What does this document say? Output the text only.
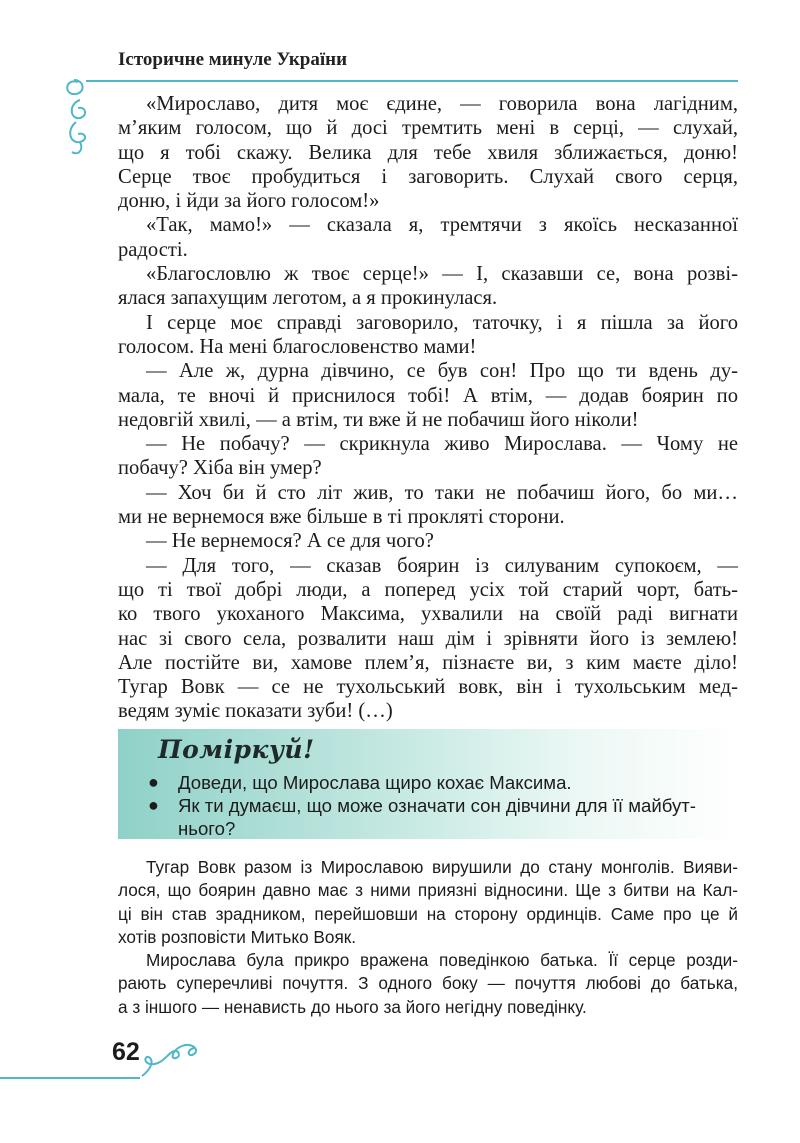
Історичне минуле України
«Мирославо, дитя моє єдине, — говорила вона лагідним,
м’яким голосом, що й досі тремтить мені в серці, — слухай,
що я тобі скажу. Велика для тебе хвиля зближається, доню!
Серце твоє пробудиться і заговорить. Слухай свого серця,
доню, і йди за його голосом!»
«Так, мамо!» — сказала я, тремтячи з якоїсь несказанної
радості.
«Благословлю ж твоє серце!» — І, сказавши се, вона розві-
ялася запахущим леготом, а я прокинулася.
І серце моє справді заговорило, таточку, і я пішла за його
голосом. На мені благословенство мами!
— Але ж, дурна дівчино, се був сон! Про що ти вдень ду-
мала, те вночі й приснилося тобі! А втім, — додав боярин по
недовгій хвилі, — а втім, ти вже й не побачиш його ніколи!
— Не побачу? — скрикнула живо Мирослава. — Чому не
побачу? Хіба він умер?
— Хоч би й сто літ жив, то таки не побачиш його, бо ми…
ми не вернемося вже більше в ті прокляті сторони.
— Не вернемося? А се для чого?
— Для того, — сказав боярин із силуваним супокоєм, —
що ті твої добрі люди, а поперед усіх той старий чорт, бать-
ко твого укоханого Максима, ухвалили на своїй раді вигнати
нас зі свого села, розвалити наш дім і зрівняти його із землею!
Але постійте ви, хамове плем’я, пізнаєте ви, з ким маєте діло!
Тугар Вовк — се не тухольський вовк, він і тухольським мед-
ведям зуміє показати зуби! (…)
Поміркуй!
● Доведи, що Мирослава щиро кохає Максима.
● Як ти думаєш, що може означати сон дівчини для її майбут-нього?
Тугар Вовк разом із Мирославою вирушили до стану монголів. Вияви-
лося, що боярин давно має з ними приязні відносини. Ще з битви на Кал-
ці він став зрадником, перейшовши на сторону ординців. Саме про це й
хотів розповісти Митько Вояк.
Мирослава була прикро вражена поведінкою батька. Її серце розди-
рають суперечливі почуття. З одного боку — почуття любові до батька,
а з іншого — ненависть до нього за його негідну поведінку.
62
